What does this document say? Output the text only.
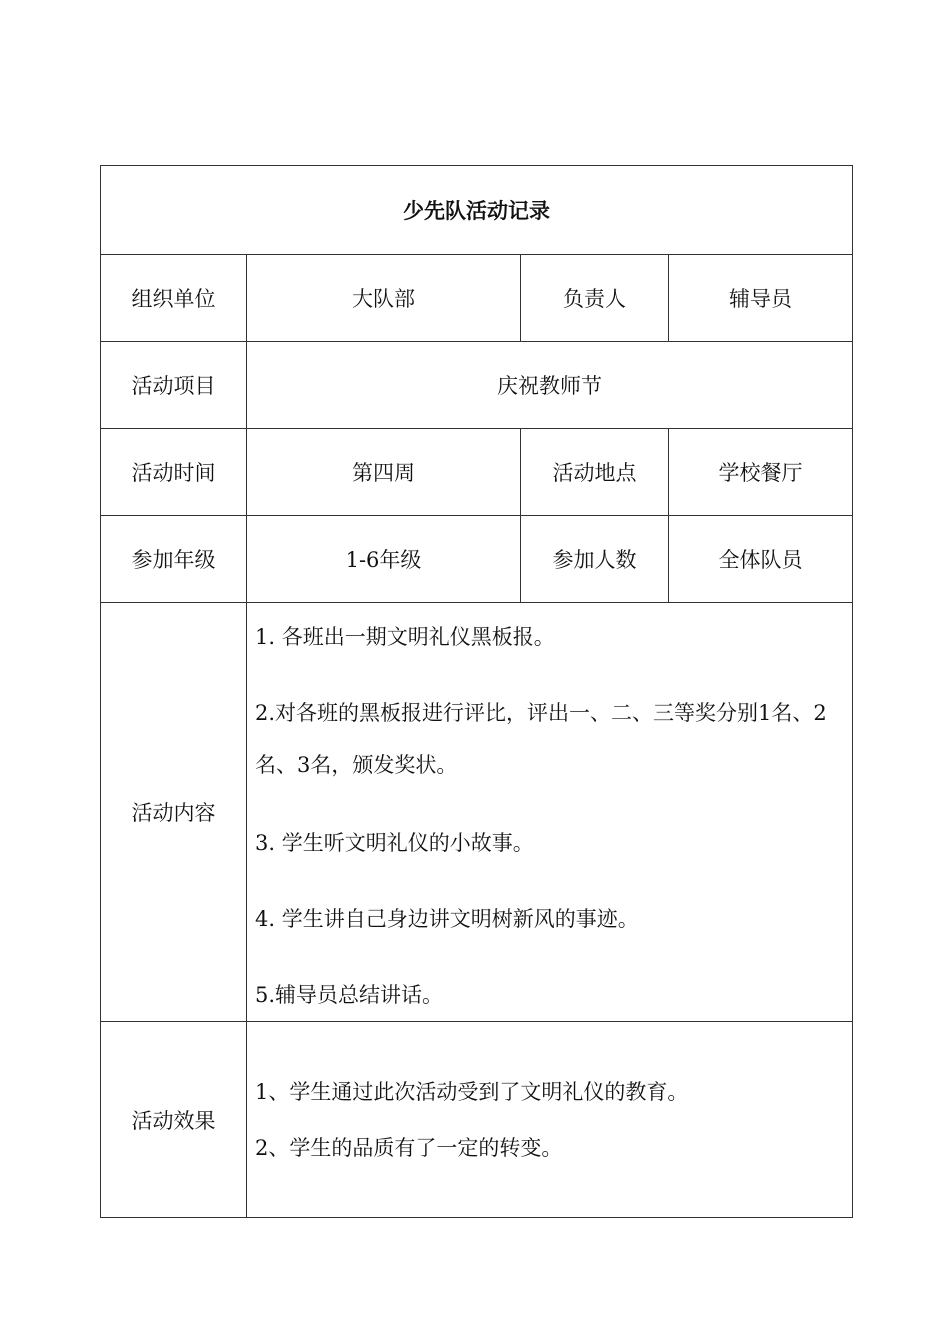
少先队活动记录			
组织单位	大队部	负责人	辅导员
活动项目	庆祝教师节		
活动时间	第四周	活动地点	学校餐厅
参加年级	1-6年级	参加人数	全体队员
活动内容	1. 各班出一期文明礼仪黑板报。

2.对各班的黑板报进行评比，评出一、二、三等奖分别1名、2名、3名，颁发奖状。

3. 学生听文明礼仪的小故事。

4. 学生讲自己身边讲文明树新风的事迹。

5.辅导员总结讲话。		

活动效果	1、学生通过此次活动受到了文明礼仪的教育。

2、学生的品质有了一定的转变。		
